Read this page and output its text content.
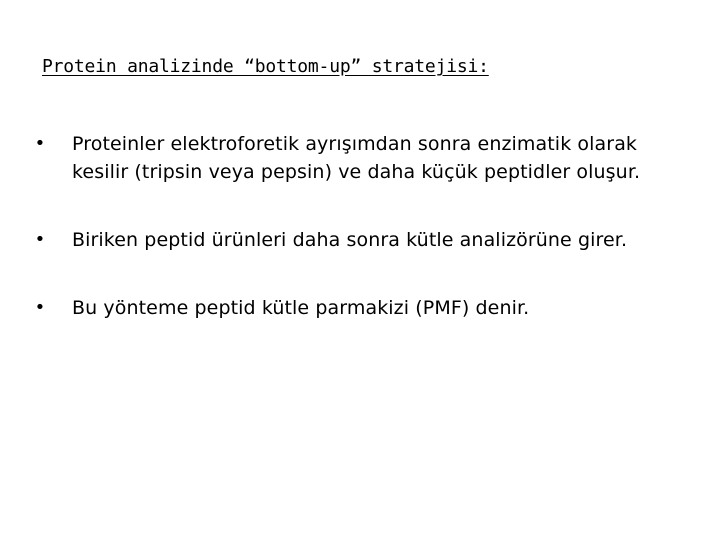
Protein analizinde “bottom-up” stratejisi:
• Proteinler elektroforetik ayrışımdan sonra enzimatik olarak kesilir (tripsin veya pepsin) ve daha küçük peptidler oluşur.
• Biriken peptid ürünleri daha sonra kütle analizörüne girer.
• Bu yönteme peptid kütle parmakizi (PMF) denir.
